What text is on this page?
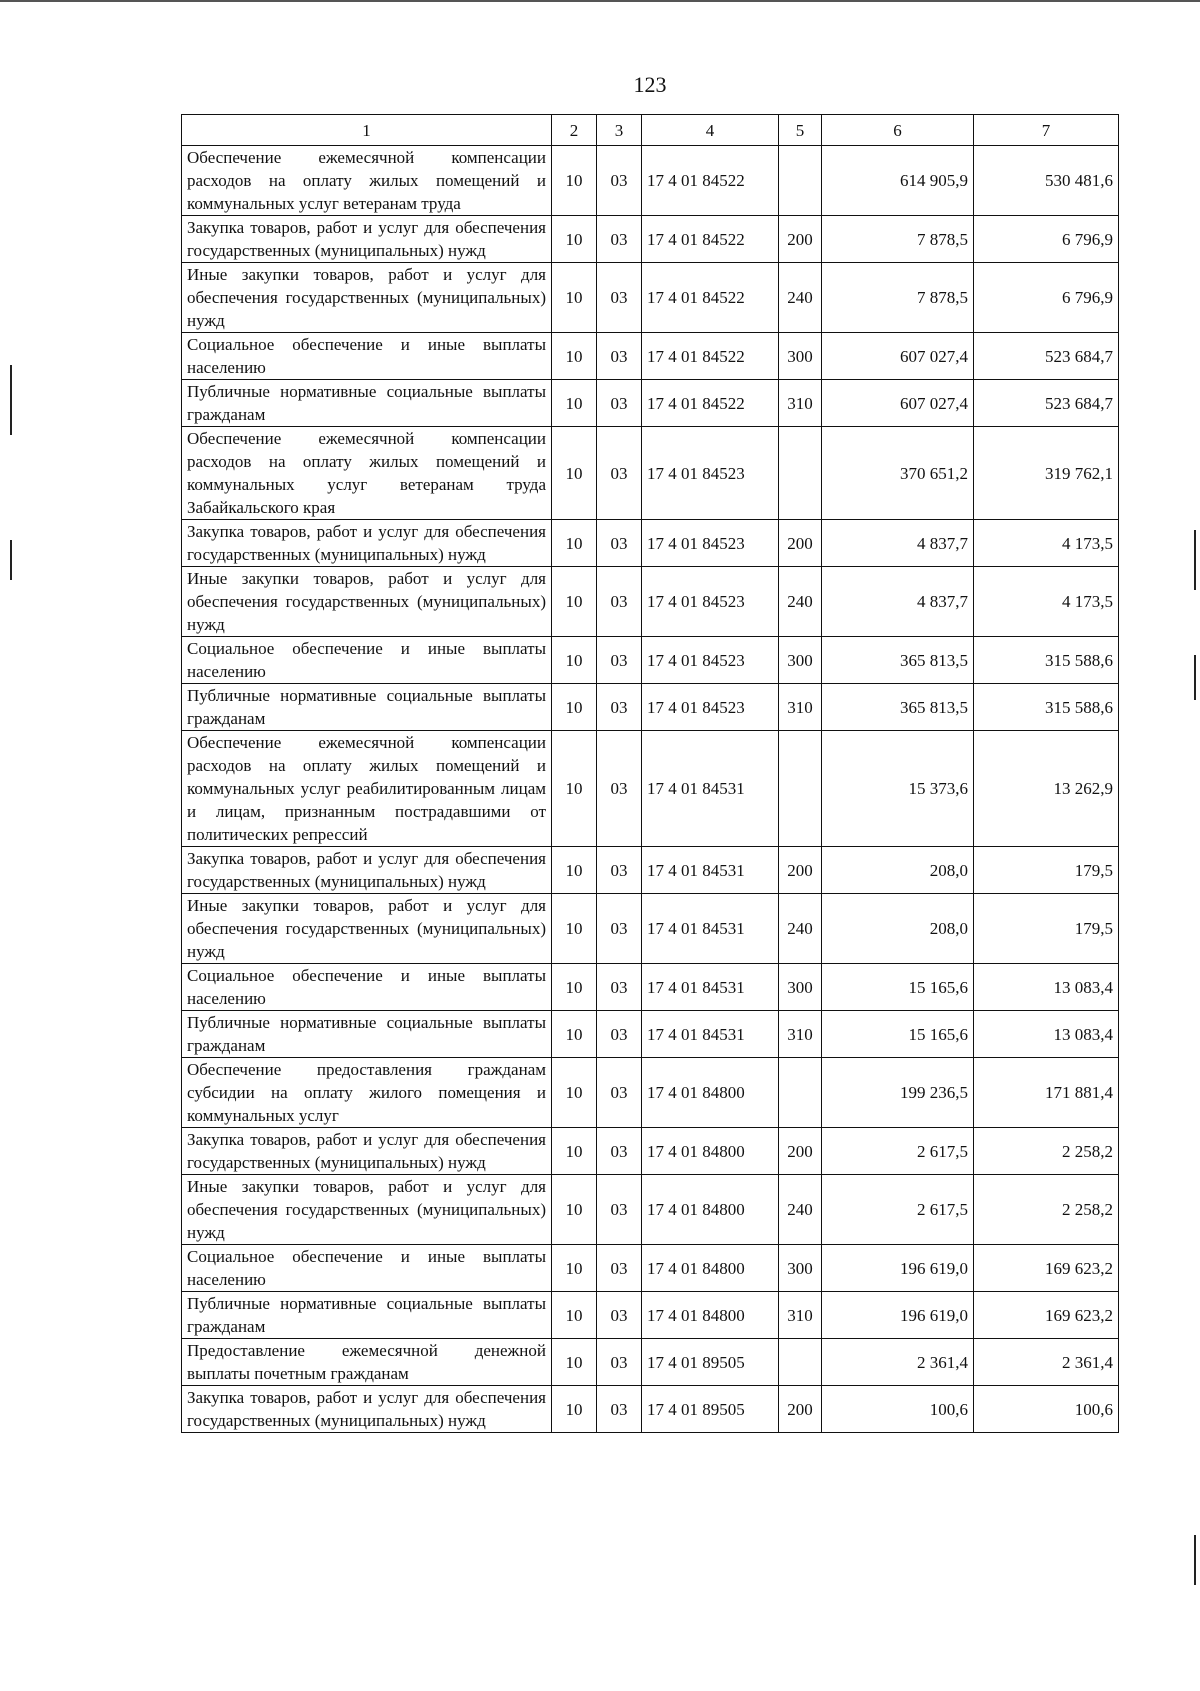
123
1	2	3	4	5	6	7
Обеспечение ежемесячной компенсации расходов на оплату жилых помещений и коммунальных услуг ветеранам труда	10	03	17 4 01 84522		614 905,9	530 481,6
Закупка товаров, работ и услуг для обеспечения государственных (муниципальных) нужд	10	03	17 4 01 84522	200	7 878,5	6 796,9
Иные закупки товаров, работ и услуг для обеспечения государственных (муниципальных) нужд	10	03	17 4 01 84522	240	7 878,5	6 796,9
Социальное обеспечение и иные выплаты населению	10	03	17 4 01 84522	300	607 027,4	523 684,7
Публичные нормативные социальные выплаты гражданам	10	03	17 4 01 84522	310	607 027,4	523 684,7
Обеспечение ежемесячной компенсации расходов на оплату жилых помещений и коммунальных услуг ветеранам труда Забайкальского края	10	03	17 4 01 84523		370 651,2	319 762,1
Закупка товаров, работ и услуг для обеспечения государственных (муниципальных) нужд	10	03	17 4 01 84523	200	4 837,7	4 173,5
Иные закупки товаров, работ и услуг для обеспечения государственных (муниципальных) нужд	10	03	17 4 01 84523	240	4 837,7	4 173,5
Социальное обеспечение и иные выплаты населению	10	03	17 4 01 84523	300	365 813,5	315 588,6
Публичные нормативные социальные выплаты гражданам	10	03	17 4 01 84523	310	365 813,5	315 588,6
Обеспечение ежемесячной компенсации расходов на оплату жилых помещений и коммунальных услуг реабилитированным лицам и лицам, признанным пострадавшими от политических репрессий	10	03	17 4 01 84531		15 373,6	13 262,9
Закупка товаров, работ и услуг для обеспечения государственных (муниципальных) нужд	10	03	17 4 01 84531	200	208,0	179,5
Иные закупки товаров, работ и услуг для обеспечения государственных (муниципальных) нужд	10	03	17 4 01 84531	240	208,0	179,5
Социальное обеспечение и иные выплаты населению	10	03	17 4 01 84531	300	15 165,6	13 083,4
Публичные нормативные социальные выплаты гражданам	10	03	17 4 01 84531	310	15 165,6	13 083,4
Обеспечение предоставления гражданам субсидии на оплату жилого помещения и коммунальных услуг	10	03	17 4 01 84800		199 236,5	171 881,4
Закупка товаров, работ и услуг для обеспечения государственных (муниципальных) нужд	10	03	17 4 01 84800	200	2 617,5	2 258,2
Иные закупки товаров, работ и услуг для обеспечения государственных (муниципальных) нужд	10	03	17 4 01 84800	240	2 617,5	2 258,2
Социальное обеспечение и иные выплаты населению	10	03	17 4 01 84800	300	196 619,0	169 623,2
Публичные нормативные социальные выплаты гражданам	10	03	17 4 01 84800	310	196 619,0	169 623,2
Предоставление ежемесячной денежной выплаты почетным гражданам	10	03	17 4 01 89505		2 361,4	2 361,4
Закупка товаров, работ и услуг для обеспечения государственных (муниципальных) нужд	10	03	17 4 01 89505	200	100,6	100,6
